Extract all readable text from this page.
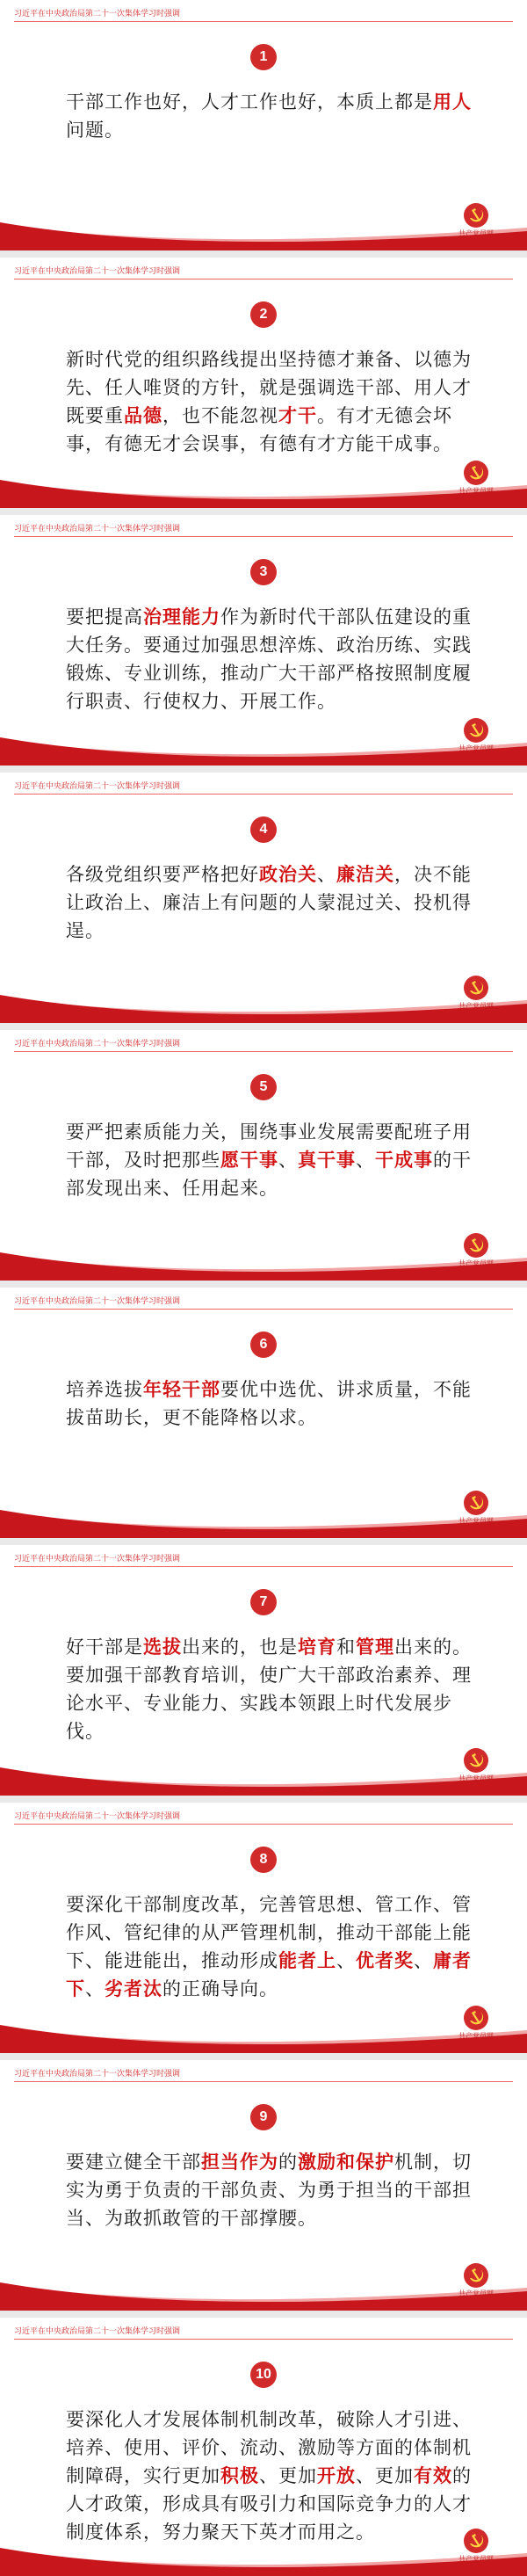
习近平在中央政治局第二十一次集体学习时强调
1
干部工作也好，人才工作也好，本质上都是用人问题。
共产党员网
习近平在中央政治局第二十一次集体学习时强调
2
新时代党的组织路线提出坚持德才兼备、以德为先、任人唯贤的方针，就是强调选干部、用人才既要重品德，也不能忽视才干。有才无德会坏事，有德无才会误事，有德有才方能干成事。
共产党员网
习近平在中央政治局第二十一次集体学习时强调
3
要把提高治理能力作为新时代干部队伍建设的重大任务。要通过加强思想淬炼、政治历练、实践锻炼、专业训练，推动广大干部严格按照制度履行职责、行使权力、开展工作。
共产党员网
习近平在中央政治局第二十一次集体学习时强调
4
各级党组织要严格把好政治关、廉洁关，决不能让政治上、廉洁上有问题的人蒙混过关、投机得逞。
共产党员网
习近平在中央政治局第二十一次集体学习时强调
5
要严把素质能力关，围绕事业发展需要配班子用干部，及时把那些愿干事、真干事、干成事的干部发现出来、任用起来。
共产党员网
习近平在中央政治局第二十一次集体学习时强调
6
培养选拔年轻干部要优中选优、讲求质量，不能拔苗助长，更不能降格以求。
共产党员网
习近平在中央政治局第二十一次集体学习时强调
7
好干部是选拔出来的，也是培育和管理出来的。要加强干部教育培训，使广大干部政治素养、理论水平、专业能力、实践本领跟上时代发展步伐。
共产党员网
习近平在中央政治局第二十一次集体学习时强调
8
要深化干部制度改革，完善管思想、管工作、管作风、管纪律的从严管理机制，推动干部能上能下、能进能出，推动形成能者上、优者奖、庸者下、劣者汰的正确导向。
共产党员网
习近平在中央政治局第二十一次集体学习时强调
9
要建立健全干部担当作为的激励和保护机制，切实为勇于负责的干部负责、为勇于担当的干部担当、为敢抓敢管的干部撑腰。
共产党员网
习近平在中央政治局第二十一次集体学习时强调
10
要深化人才发展体制机制改革，破除人才引进、培养、使用、评价、流动、激励等方面的体制机制障碍，实行更加积极、更加开放、更加有效的人才政策，形成具有吸引力和国际竞争力的人才制度体系，努力聚天下英才而用之。
共产党员网
